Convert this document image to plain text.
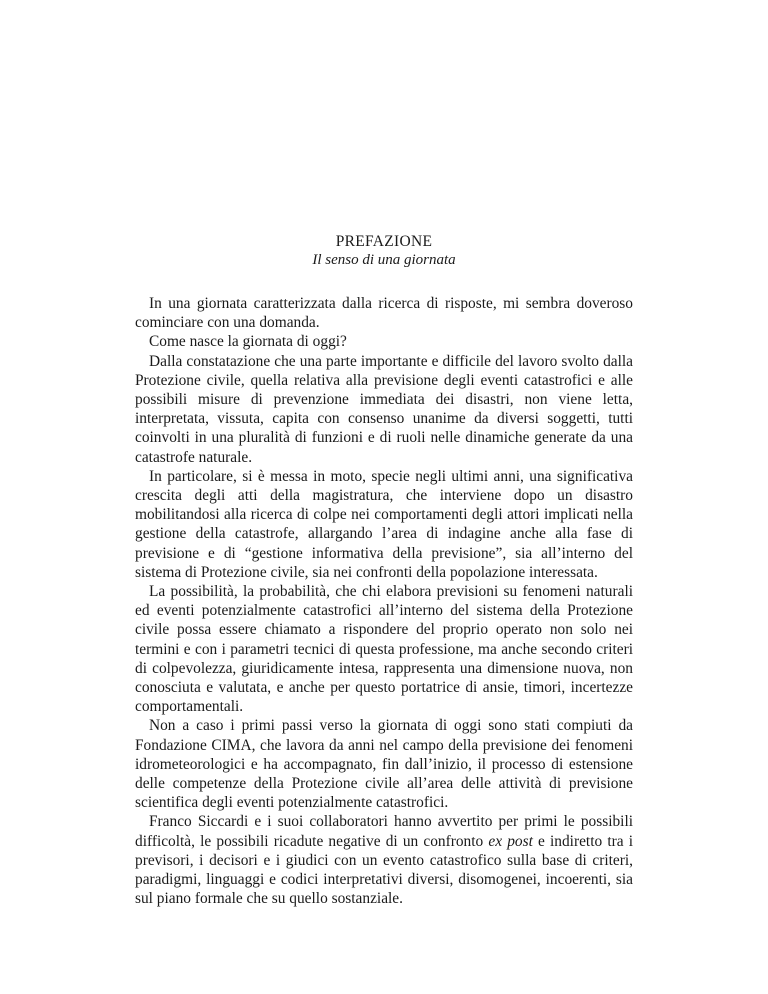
PREFAZIONE
Il senso di una giornata

In una giornata caratterizzata dalla ricerca di risposte, mi sembra doveroso cominciare con una domanda.

Come nasce la giornata di oggi?

Dalla constatazione che una parte importante e difficile del lavoro svolto dalla Protezione civile, quella relativa alla previsione degli eventi catastrofici e alle possibili misure di prevenzione immediata dei disastri, non viene letta, interpretata, vissuta, capita con consenso unanime da diversi soggetti, tutti coinvolti in una pluralità di funzioni e di ruoli nelle dinamiche generate da una catastrofe naturale.

In particolare, si è messa in moto, specie negli ultimi anni, una significativa crescita degli atti della magistratura, che interviene dopo un disastro mobilitandosi alla ricerca di colpe nei comportamenti degli attori implicati nella gestione della catastrofe, allargando l’area di indagine anche alla fase di previsione e di “gestione informativa della previsione”, sia all’interno del sistema di Protezione civile, sia nei confronti della popolazione interessata.

La possibilità, la probabilità, che chi elabora previsioni su fenomeni naturali ed eventi potenzialmente catastrofici all’interno del sistema della Protezione civile possa essere chiamato a rispondere del proprio operato non solo nei termini e con i parametri tecnici di questa professione, ma anche secondo criteri di colpevolezza, giuridicamente intesa, rappresenta una dimensione nuova, non conosciuta e valutata, e anche per questo portatrice di ansie, timori, incertezze comportamentali.

Non a caso i primi passi verso la giornata di oggi sono stati compiuti da Fondazione CIMA, che lavora da anni nel campo della previsione dei fenomeni idrometeorologici e ha accompagnato, fin dall’inizio, il processo di estensione delle competenze della Protezione civile all’area delle attività di previsione scientifica degli eventi potenzialmente catastrofici.

Franco Siccardi e i suoi collaboratori hanno avvertito per primi le possibili difficoltà, le possibili ricadute negative di un confronto ex post e indiretto tra i previsori, i decisori e i giudici con un evento catastrofico sulla base di criteri, paradigmi, linguaggi e codici interpretativi diversi, disomogenei, incoerenti, sia sul piano formale che su quello sostanziale.
